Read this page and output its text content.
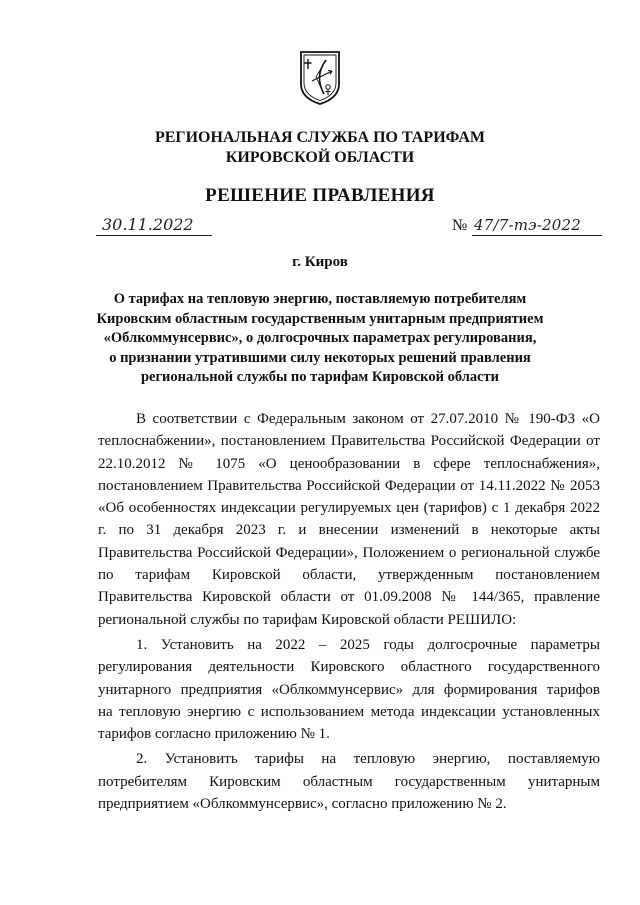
РЕГИОНАЛЬНАЯ СЛУЖБА ПО ТАРИФАМ
КИРОВСКОЙ ОБЛАСТИ
РЕШЕНИЕ ПРАВЛЕНИЯ
30.11.2022	№ 47/7-тэ-2022
г. Киров
О тарифах на тепловую энергию, поставляемую потребителям
Кировским областным государственным унитарным предприятием
«Облкоммунсервис», о долгосрочных параметрах регулирования,
о признании утратившими силу некоторых решений правления
региональной службы по тарифам Кировской области
В соответствии с Федеральным законом от 27.07.2010 № 190-ФЗ «О
теплоснабжении», постановлением Правительства Российской Федерации от
22.10.2012 № 1075 «О ценообразовании в сфере теплоснабжения»,
постановлением Правительства Российской Федерации от 14.11.2022 № 2053
«Об особенностях индексации регулируемых цен (тарифов) с 1 декабря 2022
г. по 31 декабря 2023 г. и внесении изменений в некоторые акты
Правительства Российской Федерации», Положением о региональной службе
по тарифам Кировской области, утвержденным постановлением
Правительства Кировской области от 01.09.2008 № 144/365, правление
региональной службы по тарифам Кировской области РЕШИЛО:
1. Установить на 2022 – 2025 годы долгосрочные параметры
регулирования деятельности Кировского областного государственного
унитарного предприятия «Облкоммунсервис» для формирования тарифов
на тепловую энергию с использованием метода индексации установленных
тарифов согласно приложению № 1.
2. Установить тарифы на тепловую энергию, поставляемую
потребителям Кировским областным государственным унитарным
предприятием «Облкоммунсервис», согласно приложению № 2.
